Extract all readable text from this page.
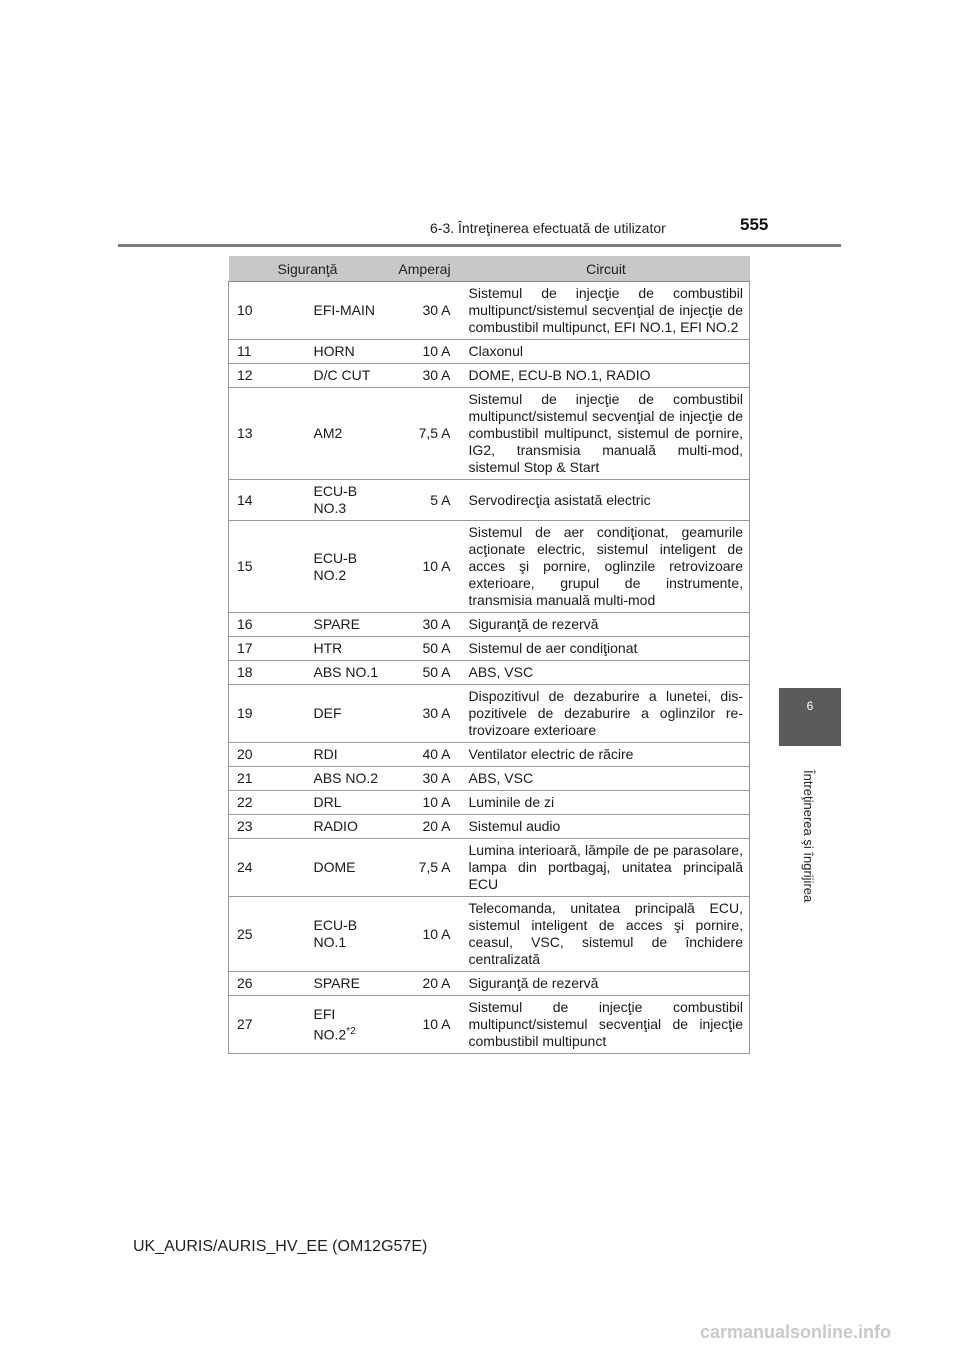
6-3. Întreţinerea efectuată de utilizator	555
6
Întreţinerea şi îngrijirea
Siguranţă		Amperaj	Circuit
10	EFI-MAIN	30 A	Sistemul de injecţie de combustibil multipunct/sistemul secvenţial de injecţie de combustibil multipunct, EFI NO.1, EFI NO.2
11	HORN	10 A	Claxonul
12	D/C CUT	30 A	DOME, ECU-B NO.1, RADIO
13	AM2	7,5 A	Sistemul de injecţie de combustibil multipunct/sistemul secvenţial de injecţie de combustibil multipunct, sistemul de pornire, IG2, transmisia manuală multi-mod, sistemul Stop & Start
14	ECU-B NO.3	5 A	Servodirecţia asistată electric
15	ECU-B NO.2	10 A	Sistemul de aer condiţionat, geamurile acţionate electric, sistemul inteligent de acces şi pornire, oglinzile retrovizoare exterioare, grupul de instrumente, transmisia manuală multi-mod
16	SPARE	30 A	Siguranţă de rezervă
17	HTR	50 A	Sistemul de aer condiţionat
18	ABS NO.1	50 A	ABS, VSC
19	DEF	30 A	Dispozitivul de dezaburire a lunetei, dis-pozitivele de dezaburire a oglinzilor re-trovizoare exterioare
20	RDI	40 A	Ventilator electric de răcire
21	ABS NO.2	30 A	ABS, VSC
22	DRL	10 A	Luminile de zi
23	RADIO	20 A	Sistemul audio
24	DOME	7,5 A	Lumina interioară, lămpile de pe parasolare, lampa din portbagaj, unitatea principală ECU
25	ECU-B NO.1	10 A	Telecomanda, unitatea principală ECU, sistemul inteligent de acces şi pornire, ceasul, VSC, sistemul de închidere centralizată
26	SPARE	20 A	Siguranţă de rezervă
27	EFI NO.2$^{*2}$	10 A	Sistemul de injecţie combustibil multipunct/sistemul secvenţial de injecţie combustibil multipunct
UK_AURIS/AURIS_HV_EE (OM12G57E)
carmanualsonline.info
